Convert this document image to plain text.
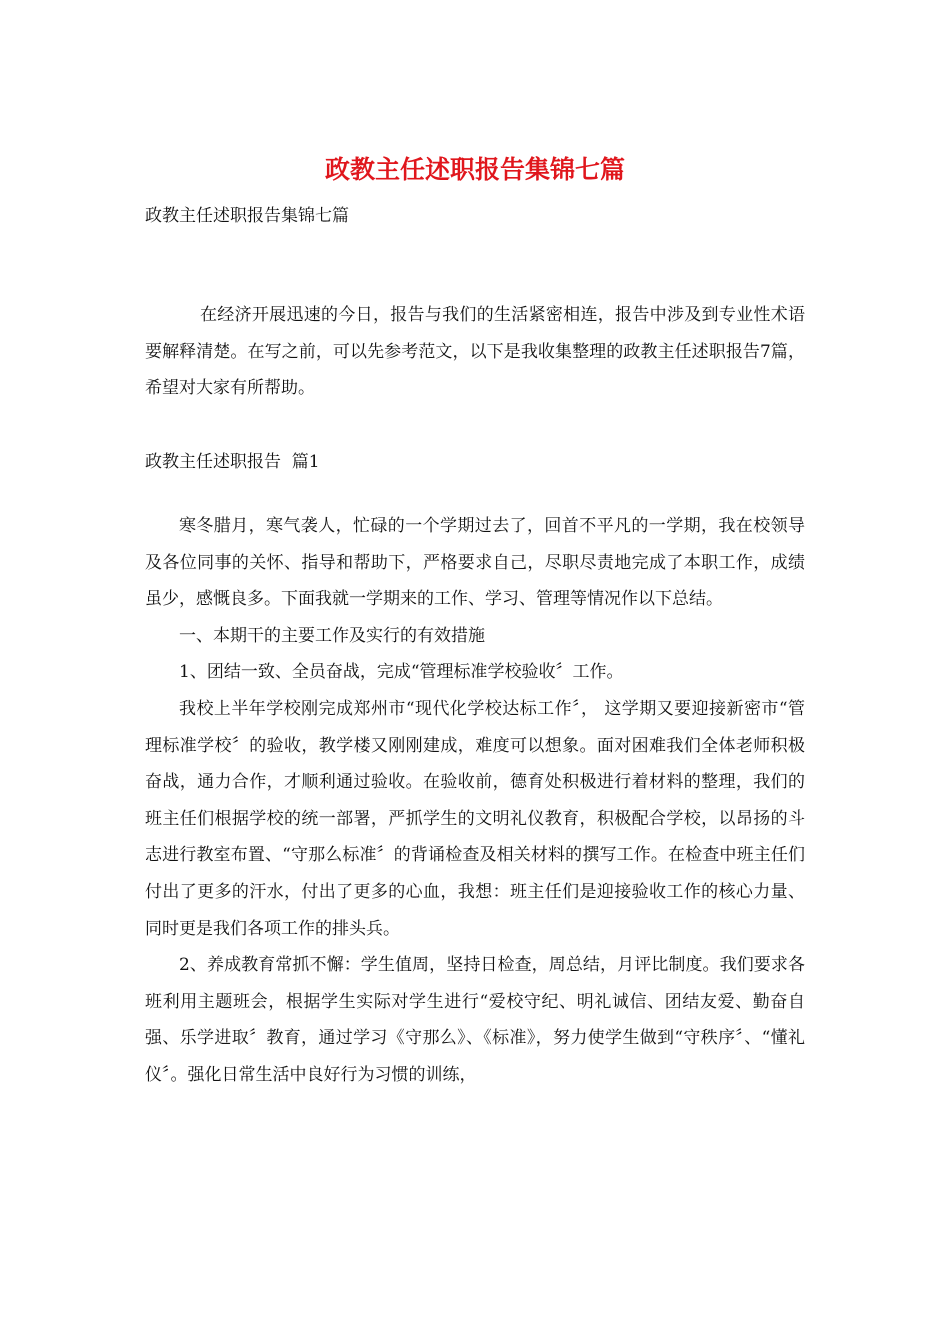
政教主任述职报告集锦七篇
政教主任述职报告集锦七篇
在经济开展迅速的今日，报告与我们的生活紧密相连，报告中涉及到专业性术语要解释清楚。在写之前，可以先参考范文，以下是我收集整理的政教主任述职报告7篇，希望对大家有所帮助。
政教主任述职报告  篇1

寒冬腊月，寒气袭人，忙碌的一个学期过去了，回首不平凡的一学期，我在校领导及各位同事的关怀、指导和帮助下，严格要求自己，尽职尽责地完成了本职工作，成绩虽少，感慨良多。下面我就一学期来的工作、学习、管理等情况作以下总结。

一、本期干的主要工作及实行的有效措施

1、团结一致、全员奋战，完成“管理标准学校验收〞工作。

我校上半年学校刚完成郑州市“现代化学校达标工作〞， 这学期又要迎接新密市“管理标准学校〞的验收，教学楼又刚刚建成，难度可以想象。面对困难我们全体老师积极奋战，通力合作，才顺利通过验收。在验收前，德育处积极进行着材料的整理，我们的班主任们根据学校的统一部署，严抓学生的文明礼仪教育，积极配合学校，以昂扬的斗志进行教室布置、“守那么标准〞的背诵检查及相关材料的撰写工作。在检查中班主任们付出了更多的汗水，付出了更多的心血，我想：班主任们是迎接验收工作的核心力量、同时更是我们各项工作的排头兵。

2、养成教育常抓不懈：学生值周，坚持日检查，周总结，月评比制度。我们要求各班利用主题班会，根据学生实际对学生进行“爱校守纪、明礼诚信、团结友爱、勤奋自强、乐学进取〞教育，通过学习《守那么》、《标准》，努力使学生做到“守秩序〞、“懂礼仪〞。强化日常生活中良好行为习惯的训练，
